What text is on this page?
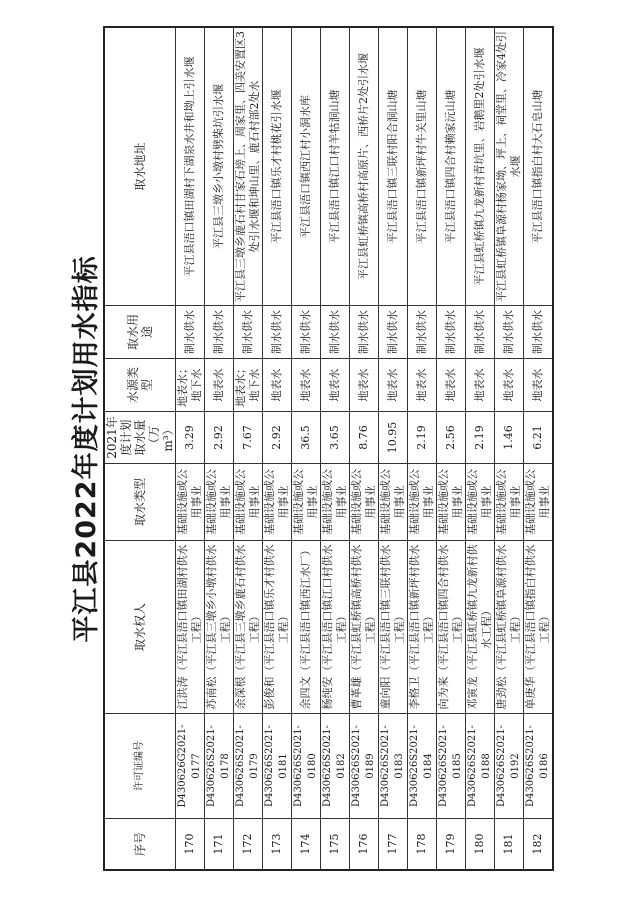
平江县2022年度计划用水指标
序号	许可证编号	取水权人	取水类型	2021年度计划取水量（万m³）	水源类型	取水用途	取水地址
170	D430626G2021-0177	江洪涛（平江县浯口镇田湖村供水工程）	基础设施或公用事业	3.29	地表水；地下水	制水供水	平江县浯口镇田湖村下湖泉水井和坳上引水堰
171	D430626S2021-0178	苏南松（平江县三墩乡小墩村供水工程）	基础设施或公用事业	2.92	地表水	制水供水	平江县三墩乡小墩村劈柴坑引水堰
172	D430626S2021-0179	余深根（平江县三墩乡鹿石村供水工程）	基础设施或公用事业	7.67	地表水；地下水	制水供水	平江县三墩乡鹿石村甘家石塝上、周家里、四美安置区3处引水堰和坤山里、鹿石村部2处水
173	D430626S2021-0181	彭俊和（平江县浯口镇乐才村供水工程）	基础设施或公用事业	2.92	地表水	制水供水	平江县浯口镇乐才村桃花引水堰
174	D430626S2021-0180	余四文（平江县浯口镇西江水厂）	基础设施或公用事业	36.5	地表水	制水供水	平江县浯口镇西江村小洞水库
175	D430626S2021-0182	杨纯安（平江县浯口镇江口村供水工程）	基础设施或公用事业	3.65	地表水	制水供水	平江县浯口镇江口村羊牯洞山塘
176	D430626S2021-0189	曹革雄（平江县虹桥镇高桥村供水工程）	基础设施或公用事业	8.76	地表水	制水供水	平江县虹桥镇高桥村高原片、西桥片2处引水堰
177	D430626S2021-0183	童向阳（平江县浯口镇三联村供水工程）	基础设施或公用事业	10.95	地表水	制水供水	平江县浯口镇三联村阳合洞山塘
178	D430626S2021-0184	李格卫（平江县浯口镇新坪村供水工程）	基础设施或公用事业	2.19	地表水	制水供水	平江县浯口镇新坪村牛关里山塘
179	D430626S2021-0185	向为来（平江县浯口镇四合村供水工程）	基础设施或公用事业	2.56	地表水	制水供水	平江县浯口镇四合村赖家沅山塘
180	D430626S2021-0188	邓寅龙（平江县虹桥镇九龙新村供水工程）	基础设施或公用事业	2.19	地表水	制水供水	平江县虹桥镇九龙新村青坑里、岩鹅里2处引水堰
181	D430626S2021-0192	唐劲松（平江县虹桥镇阜源村供水工程）	基础设施或公用事业	1.46	地表水	制水供水	平江县虹桥镇阜源村杨家坳、坪上、祠堂里、冷家4处引水堰
182	D430626S2021-0186	单庚华（平江县浯口镇指白村供水工程）	基础设施或公用事业	6.21	地表水	制水供水	平江县浯口镇指白村大石皂山塘
